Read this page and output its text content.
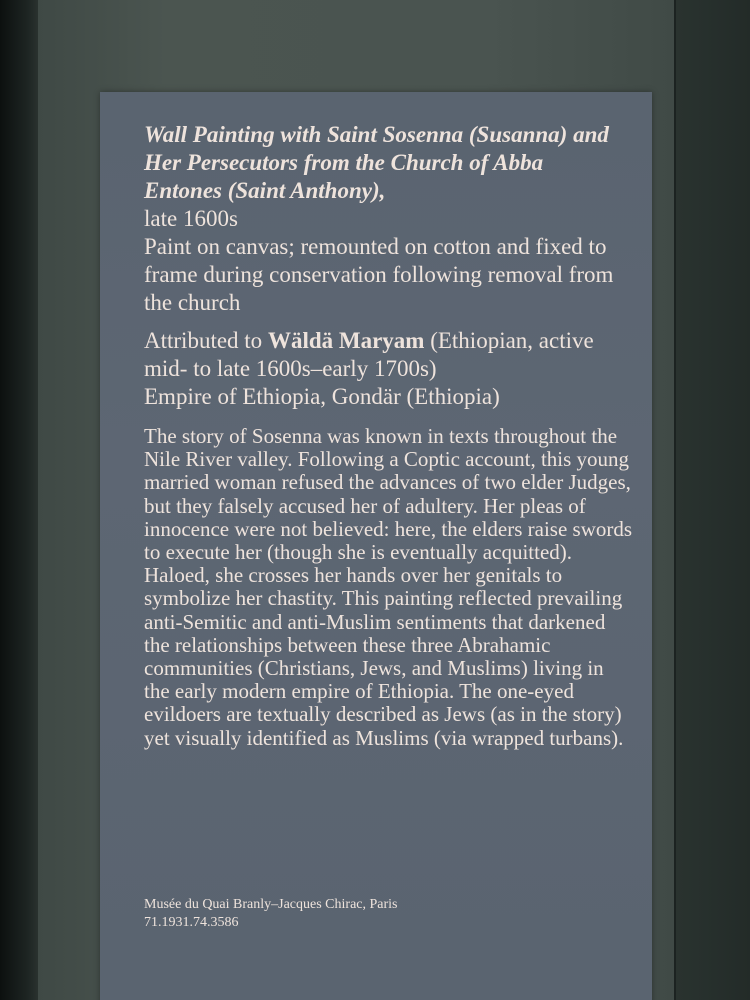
Wall Painting with Saint Sosenna (Susanna) and Her Persecutors from the Church of Abba Entones (Saint Anthony),
late 1600s
Paint on canvas; remounted on cotton and fixed to frame during conservation following removal from the church
Attributed to Wäldä Maryam (Ethiopian, active mid- to late 1600s–early 1700s)
Empire of Ethiopia, Gondär (Ethiopia)
The story of Sosenna was known in texts throughout the Nile River valley. Following a Coptic account, this young married woman refused the advances of two elder Judges, but they falsely accused her of adultery. Her pleas of innocence were not believed: here, the elders raise swords to execute her (though she is eventually acquitted). Haloed, she crosses her hands over her genitals to symbolize her chastity. This painting reflected prevailing anti-Semitic and anti-Muslim sentiments that darkened the relationships between these three Abrahamic communities (Christians, Jews, and Muslims) living in the early modern empire of Ethiopia. The one-eyed evildoers are textually described as Jews (as in the story) yet visually identified as Muslims (via wrapped turbans).
Musée du Quai Branly–Jacques Chirac, Paris
71.1931.74.3586
